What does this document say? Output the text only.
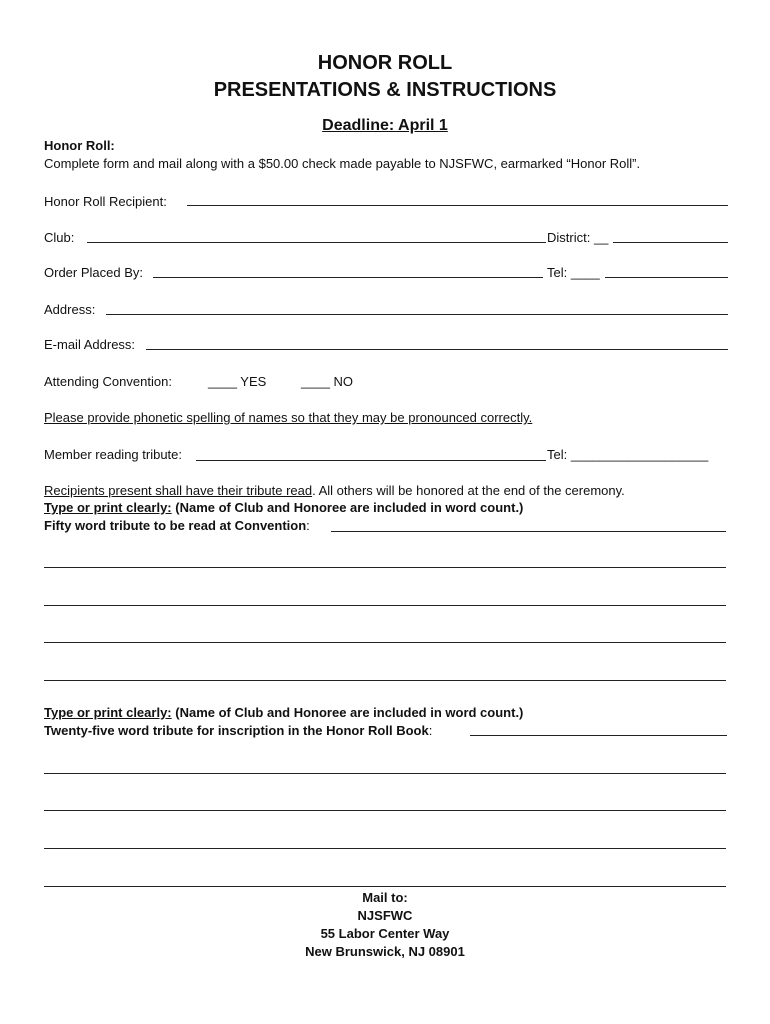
HONOR ROLL
PRESENTATIONS & INSTRUCTIONS
Deadline: April 1
Honor Roll:
Complete form and mail along with a $50.00 check made payable to NJSFWC, earmarked “Honor Roll”.
Honor Roll Recipient:
Club:	District: __
Order Placed By:	Tel: ____
Address:
E-mail Address:
Attending Convention:	____ YES	____ NO
Please provide phonetic spelling of names so that they may be pronounced correctly.
Member reading tribute:	Tel: ___________________
Recipients present shall have their tribute read. All others will be honored at the end of the ceremony.
Type or print clearly: (Name of Club and Honoree are included in word count.)
Fifty word tribute to be read at Convention:
Type or print clearly: (Name of Club and Honoree are included in word count.)
Twenty-five word tribute for inscription in the Honor Roll Book:
Mail to:
NJSFWC
55 Labor Center Way
New Brunswick, NJ 08901
